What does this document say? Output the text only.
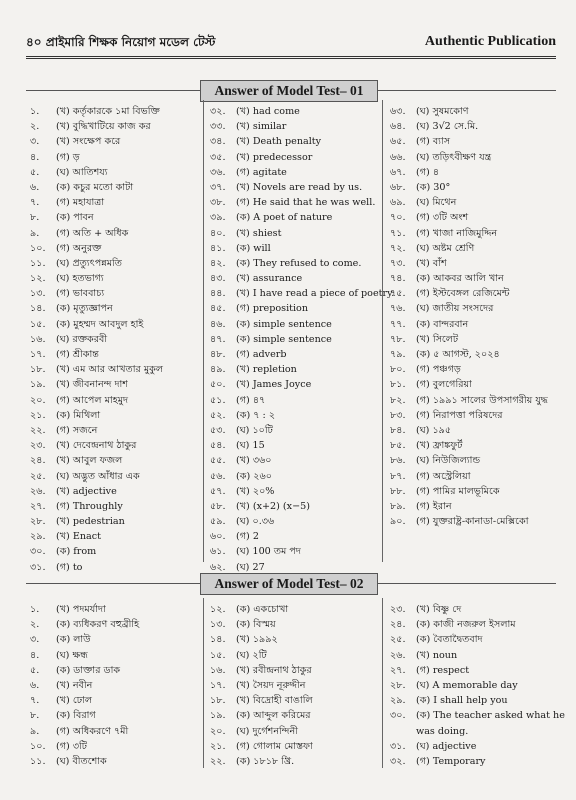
৪০ প্রাইমারি শিক্ষক নিয়োগ মডেল টেস্ট	Authentic Publication
Answer of Model Test– 01
১. (খ) কর্তৃকারকে ১মা বিভক্তি
২. (খ) বুদ্ধিখাটিয়ে কাজ কর
৩. (খ) সংক্ষেপ করে
৪. (গ) ড়
৫. (ঘ) আতিশয্য
৬. (ক) কচুর মতো কাটা
৭. (গ) মহাযাত্রা
৮. (ক) পাবন
৯. (গ) অতি + অধিক
১০. (গ) অনুরক্ত
১১. (ঘ) প্রত্যুৎপন্নমতি
১২. (ঘ) হতভাগ্য
১৩. (গ) ভাববাচ্য
১৪. (ক) মৃত্যুজ্ঞাপন
১৫. (ক) মুহম্মদ আবদুল হাই
১৬. (ঘ) রক্তকরবী
১৭. (গ) শ্রীকান্ত
১৮. (খ) এম আর আখতার মুকুল
১৯. (খ) জীবনানন্দ দাশ
২০. (গ) আপেল মাহমুদ
২১. (ক) মিথিলা
২২. (গ) সজনে
২৩. (খ) দেবেন্দ্রনাথ ঠাকুর
২৪. (খ) আবুল ফজল
২৫. (ঘ) অদ্ভুত আঁধার এক
২৬. (খ) adjective
২৭. (গ) Throughly
২৮. (খ) pedestrian
২৯. (খ) Enact
৩০. (ক) from
৩১. (গ) to
৩২. (খ) had come
৩৩. (খ) similar
৩৪. (খ) Death penalty
৩৫. (খ) predecessor
৩৬. (গ) agitate
৩৭. (খ) Novels are read by us.
৩৮. (গ) He said that he was well.
৩৯. (ক) A poet of nature
৪০. (খ) shiest
৪১. (ক) will
৪২. (ক) They refused to come.
৪৩. (খ) assurance
৪৪. (খ) I have read a piece of poetry.
৪৫. (গ) preposition
৪৬. (ক) simple sentence
৪৭. (ক) simple sentence
৪৮. (গ) adverb
৪৯. (খ) repletion
৫০. (খ) James Joyce
৫১. (গ) ৪৭
৫২. (ক) ৭ : ২
৫৩. (ঘ) ১০টি
৫৪. (ঘ) 15
৫৫. (খ) ৩৬০
৫৬. (ক) ২৬০
৫৭. (খ) ২০%
৫৮. (খ) (x+2) (x−5)
৫৯. (ঘ) ০.৩৬
৬০. (গ) 2
৬১. (ঘ) 100 তম পদ
৬২. (ঘ) 27
৬৩. (ঘ) সুষমকোণ
৬৪. (ঘ) 3√2 সে.মি.
৬৫. (গ) ব্যাস
৬৬. (ঘ) তড়িৎবীক্ষণ যন্ত্র
৬৭. (গ) ৪
৬৮. (ক) 30°
৬৯. (ঘ) মিথেন
৭০. (গ) ৩টি অংশ
৭১. (গ) খাজা নাজিমুদ্দিন
৭২. (ঘ) অষ্টম শ্রেণি
৭৩. (খ) বাঁশ
৭৪. (ক) আকবর আলি খান
৭৫. (গ) ইস্টবেঙ্গল রেজিমেন্ট
৭৬. (ঘ) জাতীয় সংসদের
৭৭. (ক) বান্দরবান
৭৮. (খ) সিলেট
৭৯. (ক) ৫ আগস্ট, ২০২৪
৮০. (গ) পঞ্চগড়
৮১. (গ) বুলগেরিয়া
৮২. (গ) ১৯৯১ সালের উপসাগরীয় যুদ্ধ
৮৩. (গ) নিরাপত্তা পরিষদের
৮৪. (ঘ) ১৯৫
৮৫. (খ) ফ্রাঙ্কফুর্ট
৮৬. (ঘ) নিউজিল্যান্ড
৮৭. (গ) অস্ট্রেলিয়া
৮৮. (গ) পামির মালভূমিকে
৮৯. (গ) ইরান
৯০. (গ) যুক্তরাষ্ট্র-কানাডা-মেক্সিকো
Answer of Model Test– 02
১. (খ) পদমর্যাদা
২. (ক) ব্যধিকরণ বহুব্রীহি
৩. (ক) লাউ
৪. (ঘ) ক্ষন্ধ
৫. (ক) ডাক্তার ডাক
৬. (খ) নবীন
৭. (খ) ঢোল
৮. (ক) বিরাগ
৯. (গ) অধিকরণে ৭মী
১০. (গ) ৩টি
১১. (ঘ) বীতশোক
১২. (ক) একচোখা
১৩. (ক) বিস্ময়
১৪. (খ) ১৯৯২
১৫. (ঘ) ২টি
১৬. (খ) রবীন্দ্রনাথ ঠাকুর
১৭. (খ) সৈয়দ নূরুদ্দীন
১৮. (খ) বিদ্রোহী বাঙালি
১৯. (ক) আব্দুল করিমের
২০. (ঘ) দুর্গেশনন্দিনী
২১. (গ) গোলাম মোস্তফা
২২. (ক) ১৮১৮ খ্রি.
২৩. (খ) বিষ্ণু দে
২৪. (ক) কাজী নজরুল ইসলাম
২৫. (ক) বৈতাদ্বৈতবাদ
২৬. (খ) noun
২৭. (গ) respect
২৮. (ঘ) A memorable day
২৯. (ক) I shall help you
৩০. (ক) The teacher asked what he
was doing.
৩১. (ঘ) adjective
৩২. (গ) Temporary
